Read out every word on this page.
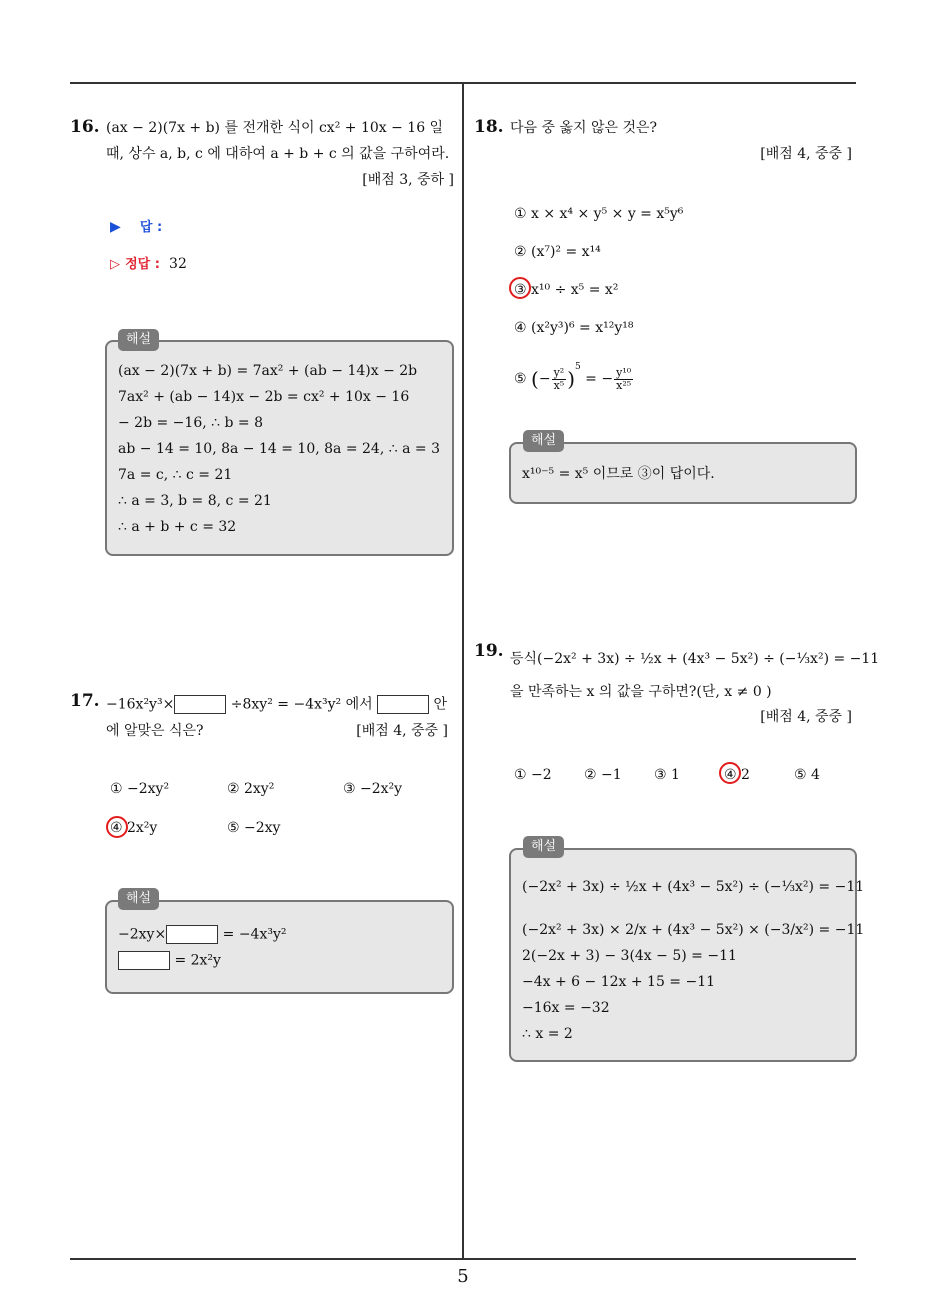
16. (ax − 2)(7x + b) 를 전개한 식이 cx² + 10x − 16 일
때, 상수 a, b, c 에 대하여 a + b + c 의 값을 구하여라.
[배점 3, 중하 ]
▶ 답 :
▷ 정답 : 32
해설
(ax − 2)(7x + b) = 7ax² + (ab − 14)x − 2b
7ax² + (ab − 14)x − 2b = cx² + 10x − 16
− 2b = −16, ∴ b = 8
ab − 14 = 10, 8a − 14 = 10, 8a = 24, ∴ a = 3
7a = c, ∴ c = 21
∴ a = 3, b = 8, c = 21
∴ a + b + c = 32
17. −16x²y³×	÷8xy² = −4x³y² 에서	안
에 알맞은 식은?	[배점 4, 중중 ]
① −2xy²	② 2xy²	③ −2x²y
④ 2x²y	⑤ −2xy
해설
−2xy×	= −4x³y²
= 2x²y
18. 다음 중 옳지 않은 것은?
[배점 4, 중중 ]
① x × x⁴ × y⁵ × y = x⁵y⁶
② (x⁷)² = x¹⁴
③ x¹⁰ ÷ x⁵ = x²
④ (x²y³)⁶ = x¹²y¹⁸
⑤ (− $\frac{\text{y²}}{\text{x⁵}} )^5$ = − $\frac{\text{y¹⁰}}{\text{x²⁵}}$
해설
x¹⁰⁻⁵ = x⁵ 이므로 ③이 답이다.
19. 등식(−2x² + 3x) ÷ ½x + (4x³ − 5x²) ÷ (−⅓x²) = −11
을 만족하는 x 의 값을 구하면?(단, x ≠ 0 )
[배점 4, 중중 ]
① −2 ② −1 ③ 1	④ 2	⑤ 4
해설
(−2x² + 3x) ÷ ½x + (4x³ − 5x²) ÷ (−⅓x²) = −11
(−2x² + 3x) × 2/x + (4x³ − 5x²) × (−3/x²) = −11
2(−2x + 3) − 3(4x − 5) = −11
−4x + 6 − 12x + 15 = −11
−16x = −32
∴ x = 2
5
